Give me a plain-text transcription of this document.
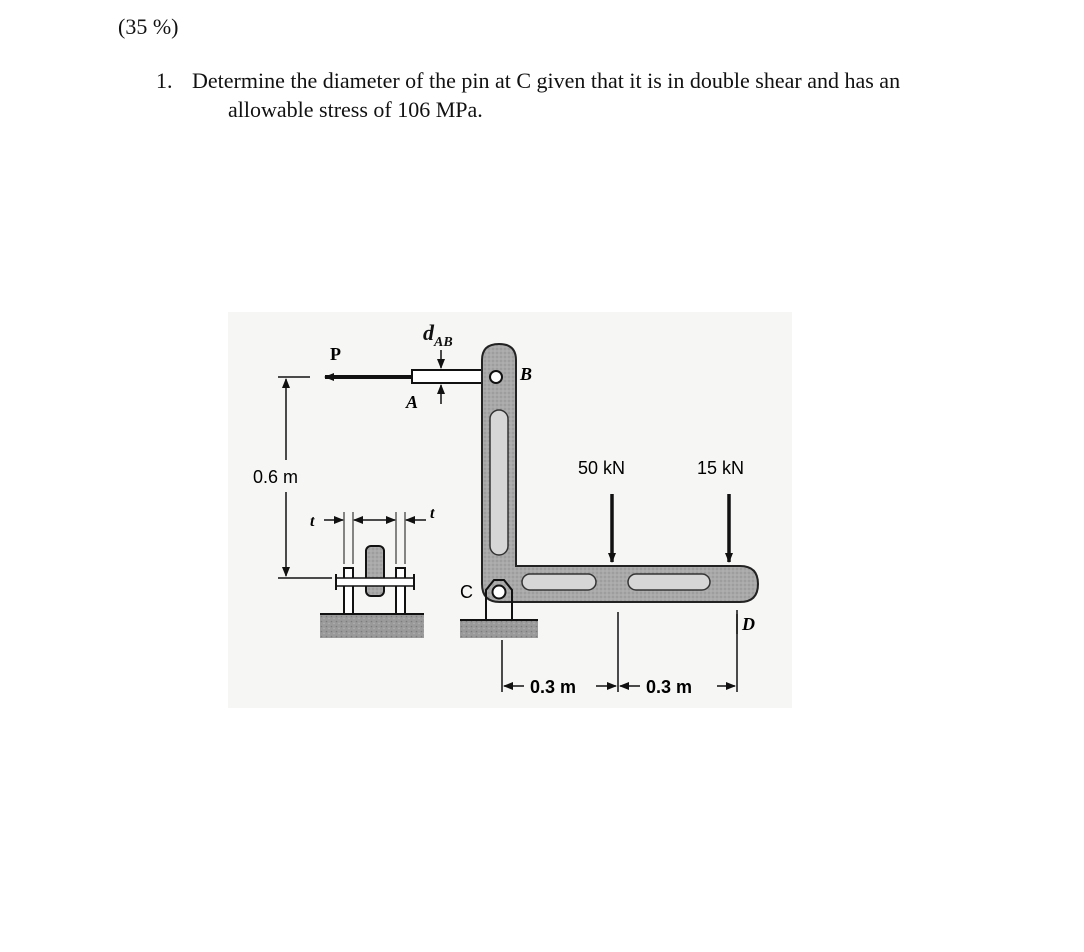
(35 %)
1. Determine the diameter of the pin at C given that it is in double shear and has an
allowable stress of 106 MPa.
$d_{AB}$
P
A
B
C
D
t	t
0.6 m	50 kN	15 kN
0.3 m	0.3 m
